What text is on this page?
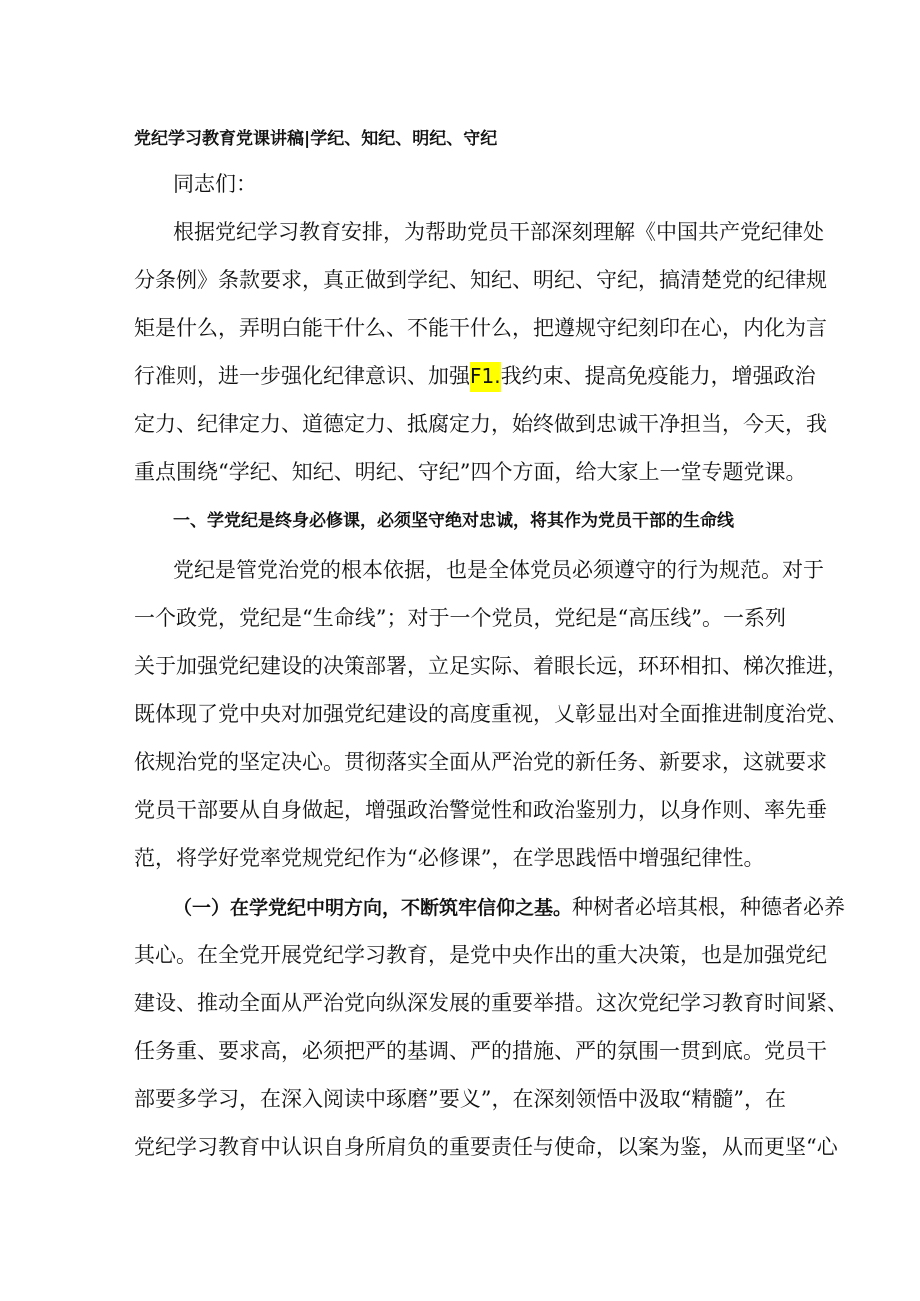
党纪学习教育党课讲稿|学纪、知纪、明纪、守纪
同志们：
根据党纪学习教育安排，为帮助党员干部深刻理解《中国共产党纪律处
分条例》条款要求，真正做到学纪、知纪、明纪、守纪，搞清楚党的纪律规
矩是什么，弄明白能干什么、不能干什么，把遵规守纪刻印在心，内化为言
行准则，进一步强化纪律意识、加强F1.我约束、提高免疫能力，增强政治
定力、纪律定力、道德定力、抵腐定力，始终做到忠诚干净担当，今天，我
重点围绕“学纪、知纪、明纪、守纪”四个方面，给大家上一堂专题党课。
一、学党纪是终身必修课，必须坚守绝对忠诚，将其作为党员干部的生命线
党纪是管党治党的根本依据，也是全体党员必须遵守的行为规范。对于
一个政党，党纪是“生命线”；对于一个党员，党纪是“高压线”。一系列
关于加强党纪建设的决策部署，立足实际、着眼长远，环环相扣、梯次推进，
既体现了党中央对加强党纪建设的高度重视，乂彰显出对全面推进制度治党、
依规治党的坚定决心。贯彻落实全面从严治党的新任务、新要求，这就要求
党员干部要从自身做起，增强政治警觉性和政治鉴别力，以身作则、率先垂
范，将学好党率党规党纪作为“必修课”，在学思践悟中增强纪律性。
（一）在学党纪中明方向，不断筑牢信仰之基。种树者必培其根，种德者必养
其心。在全党开展党纪学习教育，是党中央作出的重大决策，也是加强党纪
建设、推动全面从严治党向纵深发展的重要举措。这次党纪学习教育时间紧、
任务重、要求高，必须把严的基调、严的措施、严的氛围一贯到底。党员干
部要多学习，在深入阅读中琢磨”要义”，在深刻领悟中汲取“精髓”，在
党纪学习教育中认识自身所肩负的重要责任与使命，以案为鉴，从而更坚“心
